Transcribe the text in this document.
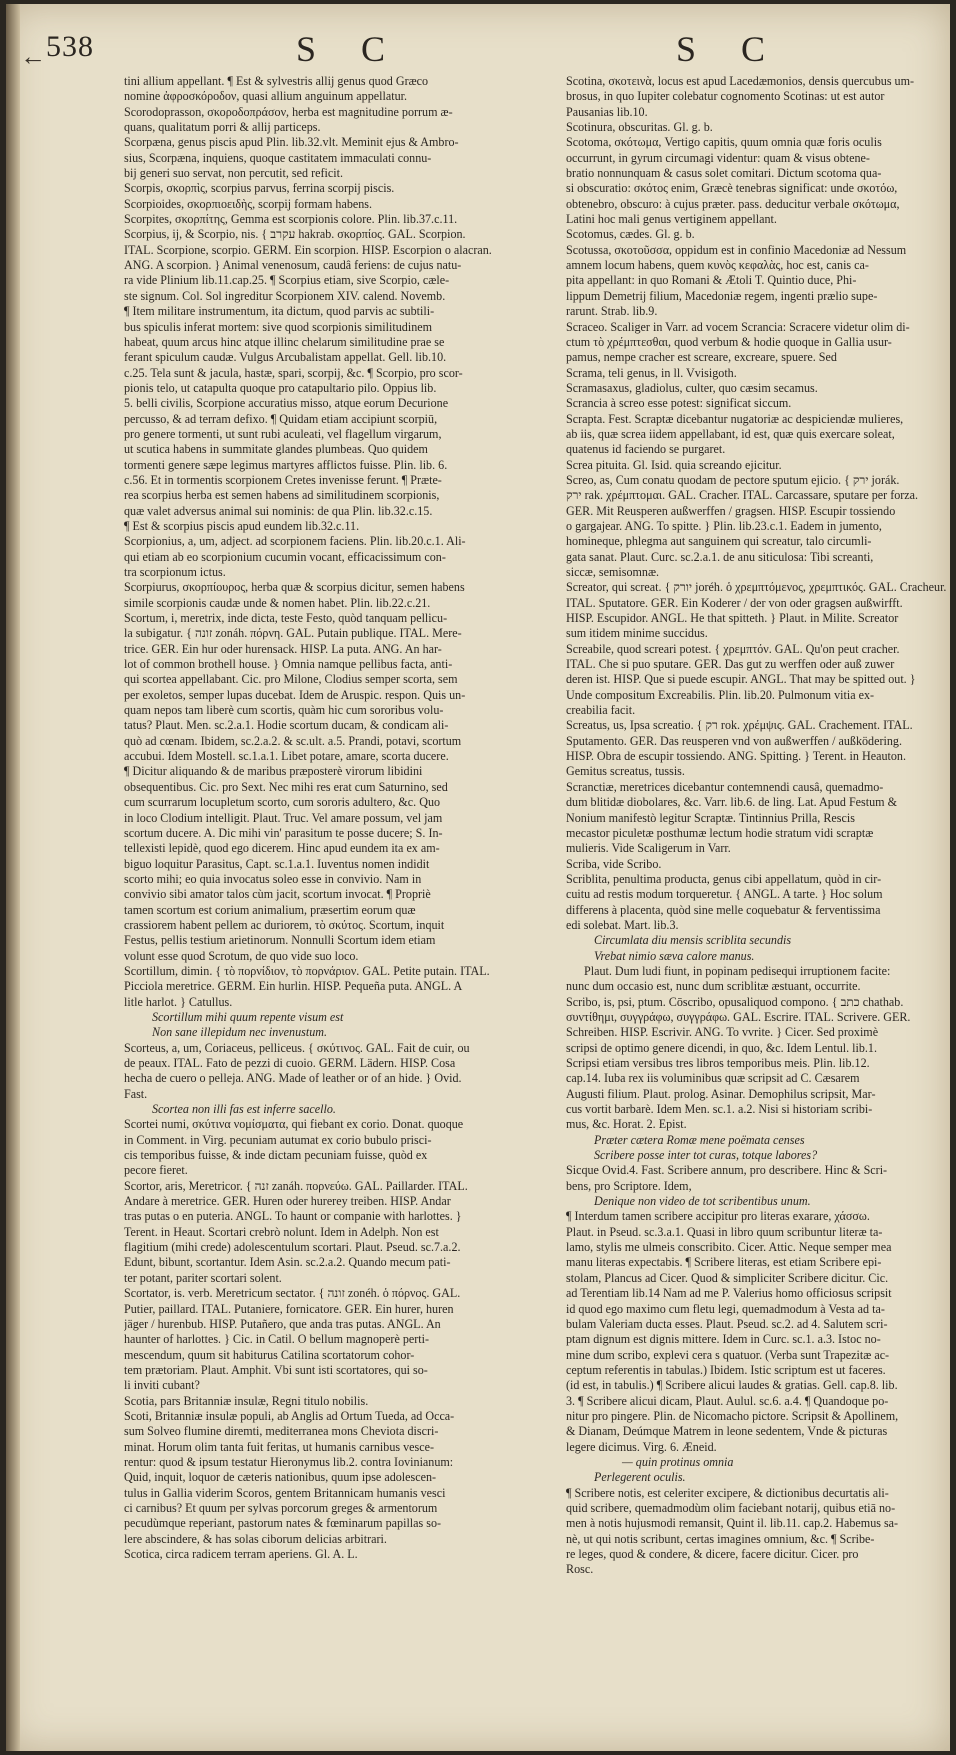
← 538	S C	S C
tini allium appellant. ¶ Est & sylvestris allij genus quod Græco
nomine ἀφροσκόροδον, quasi allium anguinum appellatur.
Scorodoprasson, σκοροδοπράσον, herba est magnitudine porrum æ-
quans, qualitatum porri & allij particeps.
Scorpæna, genus piscis apud Plin. lib.32.vlt. Meminit ejus & Ambro-
sius, Scorpæna, inquiens, quoque castitatem immaculati connu-
bij generi suo servat, non percutit, sed reficit.
Scorpis, σκορπὶς, scorpius parvus, ferrina scorpij piscis.
Scorpioides, σκορπιοειδὴς, scorpij formam habens.
Scorpites, σκορπίτης, Gemma est scorpionis colore. Plin. lib.37.c.11.
Scorpius, ij, & Scorpio, nis. { עקרב hakrab. σκορπίος. GAL. Scorpion.
ITAL. Scorpione, scorpio. GERM. Ein scorpion. HISP. Escorpion o alacran.
ANG. A scorpion. } Animal venenosum, caudâ feriens: de cujus natu-
ra vide Plinium lib.11.cap.25. ¶ Scorpius etiam, sive Scorpio, cæle-
ste signum. Col. Sol ingreditur Scorpionem XIV. calend. Novemb.
¶ Item militare instrumentum, ita dictum, quod parvis ac subtili-
bus spiculis inferat mortem: sive quod scorpionis similitudinem
habeat, quum arcus hinc atque illinc chelarum similitudine prae se
ferant spiculum caudæ. Vulgus Arcubalistam appellat. Gell. lib.10.
c.25. Tela sunt & jacula, hastæ, spari, scorpij, &c. ¶ Scorpio, pro scor-
pionis telo, ut catapulta quoque pro catapultario pilo. Oppius lib.
5. belli civilis, Scorpione accuratius misso, atque eorum Decurione
percusso, & ad terram defixo. ¶ Quidam etiam accipiunt scorpiū,
pro genere tormenti, ut sunt rubi aculeati, vel flagellum virgarum,
ut scutica habens in summitate glandes plumbeas. Quo quidem
tormenti genere sæpe legimus martyres afflictos fuisse. Plin. lib. 6.
c.56. Et in tormentis scorpionem Cretes invenisse ferunt. ¶ Præte-
rea scorpius herba est semen habens ad similitudinem scorpionis,
quæ valet adversus animal sui nominis: de qua Plin. lib.32.c.15.
¶ Est & scorpius piscis apud eundem lib.32.c.11.
Scorpionius, a, um, adject. ad scorpionem faciens. Plin. lib.20.c.1. Ali-
qui etiam ab eo scorpionium cucumin vocant, efficacissimum con-
tra scorpionum ictus.
Scorpiurus, σκορπίουρος, herba quæ & scorpius dicitur, semen habens
simile scorpionis caudæ unde & nomen habet. Plin. lib.22.c.21.
Scortum, i, meretrix, inde dicta, teste Festo, quòd tanquam pellicu-
la subigatur. { זונה zonáh. πόρνη. GAL. Putain publique. ITAL. Mere-
trice. GER. Ein hur oder hurensack. HISP. La puta. ANG. An har-
lot of common brothell house. } Omnia namque pellibus facta, anti-
qui scortea appellabant. Cic. pro Milone, Clodius semper scorta, sem
per exoletos, semper lupas ducebat. Idem de Aruspic. respon. Quis un-
quam nepos tam liberè cum scortis, quàm hic cum sororibus volu-
tatus? Plaut. Men. sc.2.a.1. Hodie scortum ducam, & condicam ali-
quò ad cœnam. Ibidem, sc.2.a.2. & sc.ult. a.5. Prandi, potavi, scortum
accubui. Idem Mostell. sc.1.a.1. Libet potare, amare, scorta ducere.
¶ Dicitur aliquando & de maribus præposterè virorum libidini
obsequentibus. Cic. pro Sext. Nec mihi res erat cum Saturnino, sed
cum scurrarum locupletum scorto, cum sororis adultero, &c. Quo
in loco Clodium intelligit. Plaut. Truc. Vel amare possum, vel jam
scortum ducere. A. Dic mihi vin' parasitum te posse ducere; S. In-
tellexisti lepidè, quod ego dicerem. Hinc apud eundem ita ex am-
biguo loquitur Parasitus, Capt. sc.1.a.1. Iuventus nomen indidit
scorto mihi; eo quia invocatus soleo esse in convivio. Nam in
convivio sibi amator talos cùm jacit, scortum invocat. ¶ Propriè
tamen scortum est corium animalium, præsertim eorum quæ
crassiorem habent pellem ac duriorem, τὸ σκύτος. Scortum, inquit
Festus, pellis testium arietinorum. Nonnulli Scortum idem etiam
volunt esse quod Scrotum, de quo vide suo loco.
Scortillum, dimin. { τὸ πορνίδιον, τὸ πορνάριον. GAL. Petite putain. ITAL.
Picciola meretrice. GERM. Ein hurlin. HISP. Pequeña puta. ANGL. A
litle harlot. } Catullus.
Scortillum mihi quum repente visum est
Non sane illepidum nec invenustum.
Scorteus, a, um, Coriaceus, pelliceus. { σκύτινος. GAL. Fait de cuir, ou
de peaux. ITAL. Fato de pezzi di cuoio. GERM. Lädern. HISP. Cosa
hecha de cuero o pelleja. ANG. Made of leather or of an hide. } Ovid.
Fast.
Scortea non illi fas est inferre sacello.
Scortei numi, σκύτινα νομίσματα, qui fiebant ex corio. Donat. quoque
in Comment. in Virg. pecuniam autumat ex corio bubulo prisci-
cis temporibus fuisse, & inde dictam pecuniam fuisse, quòd ex
pecore fieret.
Scortor, aris, Meretricor. { זנה zanáh. πορνεύω. GAL. Paillarder. ITAL.
Andare à meretrice. GER. Huren oder hurerey treiben. HISP. Andar
tras putas o en puteria. ANGL. To haunt or companie with harlottes. }
Terent. in Heaut. Scortari crebrò nolunt. Idem in Adelph. Non est
flagitium (mihi crede) adolescentulum scortari. Plaut. Pseud. sc.7.a.2.
Edunt, bibunt, scortantur. Idem Asin. sc.2.a.2. Quando mecum pati-
ter potant, pariter scortari solent.
Scortator, is. verb. Meretricum sectator. { זונה zonéh. ὁ πόρνος. GAL.
Putier, paillard. ITAL. Putaniere, fornicatore. GER. Ein hurer, huren
jäger / hurenbub. HISP. Putañero, que anda tras putas. ANGL. An
haunter of harlottes. } Cic. in Catil. O bellum magnoperè perti-
mescendum, quum sit habiturus Catilina scortatorum cohor-
tem prætoriam. Plaut. Amphit. Vbi sunt isti scortatores, qui so-
li inviti cubant?
Scotia, pars Britanniæ insulæ, Regni titulo nobilis.
Scoti, Britanniæ insulæ populi, ab Anglis ad Ortum Tueda, ad Occa-
sum Solveo flumine diremti, mediterranea mons Cheviota discri-
minat. Horum olim tanta fuit feritas, ut humanis carnibus vesce-
rentur: quod & ipsum testatur Hieronymus lib.2. contra Iovinianum:
Quid, inquit, loquor de cæteris nationibus, quum ipse adolescen-
tulus in Gallia viderim Scoros, gentem Britannicam humanis vesci
ci carnibus? Et quum per sylvas porcorum greges & armentorum
pecudùmque reperiant, pastorum nates & fœminarum papillas so-
lere abscindere, & has solas ciborum delicias arbitrari.
Scotica, circa radicem terram aperiens. Gl. A. L.
Scotina, σκοτεινὰ, locus est apud Lacedæmonios, densis quercubus um-
brosus, in quo Iupiter colebatur cognomento Scotinas: ut est autor
Pausanias lib.10.
Scotinura, obscuritas. Gl. g. b.
Scotoma, σκότωμα, Vertigo capitis, quum omnia quæ foris oculis
occurrunt, in gyrum circumagi videntur: quam & visus obtene-
bratio nonnunquam & casus solet comitari. Dictum scotoma qua-
si obscuratio: σκότος enim, Græcè tenebras significat: unde σκοτόω,
obtenebro, obscuro: à cujus præter. pass. deducitur verbale σκότωμα,
Latini hoc mali genus vertiginem appellant.
Scotomus, cædes. Gl. g. b.
Scotussa, σκοτοῦσσα, oppidum est in confinio Macedoniæ ad Nessum
amnem locum habens, quem κυνὸς κεφαλὰς, hoc est, canis ca-
pita appellant: in quo Romani & Ætoli T. Quintio duce, Phi-
lippum Demetrij filium, Macedoniæ regem, ingenti prælio supe-
rarunt. Strab. lib.9.
Scraceo. Scaliger in Varr. ad vocem Scrancia: Scracere videtur olim di-
ctum τὸ χρέμπτεσθαι, quod verbum & hodie quoque in Gallia usur-
pamus, nempe cracher est screare, excreare, spuere. Sed
Scrama, teli genus, in ll. Vvisigoth.
Scramasaxus, gladiolus, culter, quo cæsim secamus.
Scrancia à screo esse potest: significat siccum.
Scrapta. Fest. Scraptæ dicebantur nugatoriæ ac despiciendæ mulieres,
ab iis, quæ screa iidem appellabant, id est, quæ quis exercare soleat,
quatenus id faciendo se purgaret.
Screa pituita. Gl. Isid. quia screando ejicitur.
Screo, as, Cum conatu quodam de pectore sputum ejicio. { ירק jorák.
ירק rak. χρέμπτομαι. GAL. Cracher. ITAL. Carcassare, sputare per forza.
GER. Mit Reusperen außwerffen / gragsen. HISP. Escupir tossiendo
o gargajear. ANG. To spitte. } Plin. lib.23.c.1. Eadem in jumento,
homineque, phlegma aut sanguinem qui screatur, talo circumli-
gata sanat. Plaut. Curc. sc.2.a.1. de anu siticulosa: Tibi screanti,
siccæ, semisomnæ.
Screator, qui screat. { יורק joréh. ὁ χρεμπτόμενος, χρεμπτικός. GAL. Cracheur.
ITAL. Sputatore. GER. Ein Koderer / der von oder gragsen außwirfft.
HISP. Escupidor. ANGL. He that spitteth. } Plaut. in Milite. Screator
sum itidem minime succidus.
Screabile, quod screari potest. { χρεμπτόν. GAL. Qu'on peut cracher.
ITAL. Che si puo sputare. GER. Das gut zu werffen oder auß zuwer
deren ist. HISP. Que si puede escupir. ANGL. That may be spitted out. }
Unde compositum Excreabilis. Plin. lib.20. Pulmonum vitia ex-
creabilia facit.
Screatus, us, Ipsa screatio. { רק rok. χρέμψις. GAL. Crachement. ITAL.
Sputamento. GER. Das reusperen vnd von außwerffen / außködering.
HISP. Obra de escupir tossiendo. ANG. Spitting. } Terent. in Heauton.
Gemitus screatus, tussis.
Scranctiæ, meretrices dicebantur contemnendi causâ, quemadmo-
dum blitidæ diobolares, &c. Varr. lib.6. de ling. Lat. Apud Festum &
Nonium manifestò legitur Scraptæ. Tintinnius Prilla, Rescis
mecastor piculetæ posthumæ lectum hodie stratum vidi scraptæ
mulieris. Vide Scaligerum in Varr.
Scriba, vide Scribo.
Scriblita, penultima producta, genus cibi appellatum, quòd in cir-
cuitu ad restis modum torqueretur. { ANGL. A tarte. } Hoc solum
differens à placenta, quòd sine melle coquebatur & ferventissima
edi solebat. Mart. lib.3.
Circumlata diu mensis scriblita secundis
Vrebat nimio sæva calore manus.
Plaut. Dum ludi fiunt, in popinam pedisequi irruptionem facite:
nunc dum occasio est, nunc dum scriblitæ æstuant, occurrite.
Scribo, is, psi, ptum. Cōscribo, opusaliquod compono. { כתב chathab.
συντίθημι, συγγράφω, συγγράφω. GAL. Escrire. ITAL. Scrivere. GER.
Schreiben. HISP. Escrivir. ANG. To vvrite. } Cicer. Sed proximè
scripsi de optimo genere dicendi, in quo, &c. Idem Lentul. lib.1.
Scripsi etiam versibus tres libros temporibus meis. Plin. lib.12.
cap.14. Iuba rex iis voluminibus quæ scripsit ad C. Cæsarem
Augusti filium. Plaut. prolog. Asinar. Demophilus scripsit, Mar-
cus vortit barbarè. Idem Men. sc.1. a.2. Nisi si historiam scribi-
mus, &c. Horat. 2. Epist.
Præter cætera Romæ mene poëmata censes
Scribere posse inter tot curas, totque labores?
Sicque Ovid.4. Fast. Scribere annum, pro describere. Hinc & Scri-
bens, pro Scriptore. Idem,
Denique non video de tot scribentibus unum.
¶ Interdum tamen scribere accipitur pro literas exarare, χάσσω.
Plaut. in Pseud. sc.3.a.1. Quasi in libro quum scribuntur literæ ta-
lamo, stylis me ulmeis conscribito. Cicer. Attic. Neque semper mea
manu literas expectabis. ¶ Scribere literas, est etiam Scribere epi-
stolam, Plancus ad Cicer. Quod & simpliciter Scribere dicitur. Cic.
ad Terentiam lib.14 Nam ad me P. Valerius homo officiosus scripsit
id quod ego maximo cum fletu legi, quemadmodum à Vesta ad ta-
bulam Valeriam ducta esses. Plaut. Pseud. sc.2. ad 4. Salutem scri-
ptam dignum est dignis mittere. Idem in Curc. sc.1. a.3. Istoc no-
mine dum scribo, explevi cera s quatuor. (Verba sunt Trapezitæ ac-
ceptum referentis in tabulas.) Ibidem. Istic scriptum est ut faceres.
(id est, in tabulis.) ¶ Scribere alicui laudes & gratias. Gell. cap.8. lib.
3. ¶ Scribere alicui dicam, Plaut. Aulul. sc.6. a.4. ¶ Quandoque po-
nitur pro pingere. Plin. de Nicomacho pictore. Scripsit & Apollinem,
& Dianam, Deúmque Matrem in leone sedentem, Vnde & picturas
legere dicimus. Virg. 6. Æneid.
— quin protinus omnia
Perlegerent oculis.
¶ Scribere notis, est celeriter excipere, & dictionibus decurtatis ali-
quid scribere, quemadmodùm olim faciebant notarij, quibus etiā no-
men à notis hujusmodi remansit, Quint il. lib.11. cap.2. Habemus sa-
nè, ut qui notis scribunt, certas imagines omnium, &c. ¶ Scribe-
re leges, quod & condere, & dicere, facere dicitur. Cicer. pro
Rosc.
